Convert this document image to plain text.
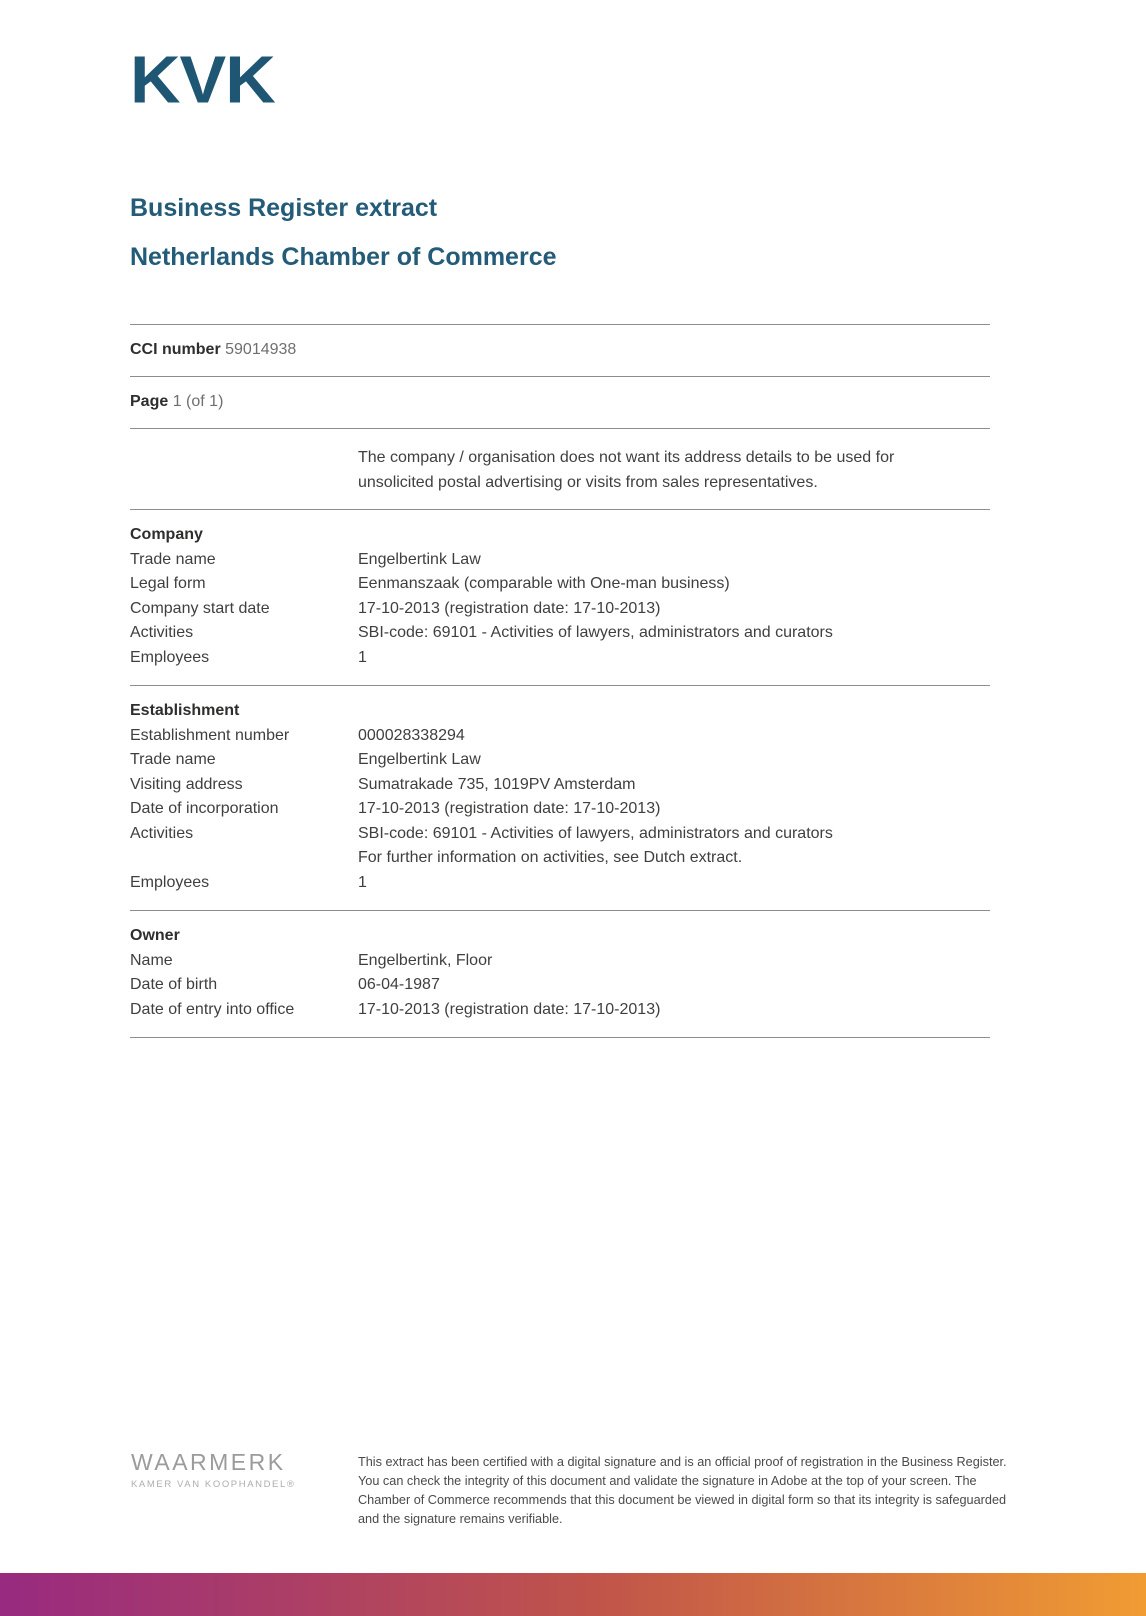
KVK
Business Register extract
Netherlands Chamber of Commerce
CCI number 59014938
Page 1 (of 1)
The company / organisation does not want its address details to be used for unsolicited postal advertising or visits from sales representatives.
Company
Trade name	Engelbertink Law
Legal form	Eenmanszaak (comparable with One-man business)
Company start date	17-10-2013 (registration date: 17-10-2013)
Activities	SBI-code: 69101 - Activities of lawyers, administrators and curators
Employees	1
Establishment
Establishment number	000028338294
Trade name	Engelbertink Law
Visiting address	Sumatrakade 735, 1019PV Amsterdam
Date of incorporation	17-10-2013 (registration date: 17-10-2013)
Activities	SBI-code: 69101 - Activities of lawyers, administrators and curators
For further information on activities, see Dutch extract.
Employees	1
Owner
Name	Engelbertink, Floor
Date of birth	06-04-1987
Date of entry into office	17-10-2013 (registration date: 17-10-2013)
WAARMERK
KAMER VAN KOOPHANDEL®
This extract has been certified with a digital signature and is an official proof of registration in the Business Register. You can check the integrity of this document and validate the signature in Adobe at the top of your screen. The Chamber of Commerce recommends that this document be viewed in digital form so that its integrity is safeguarded and the signature remains verifiable.
